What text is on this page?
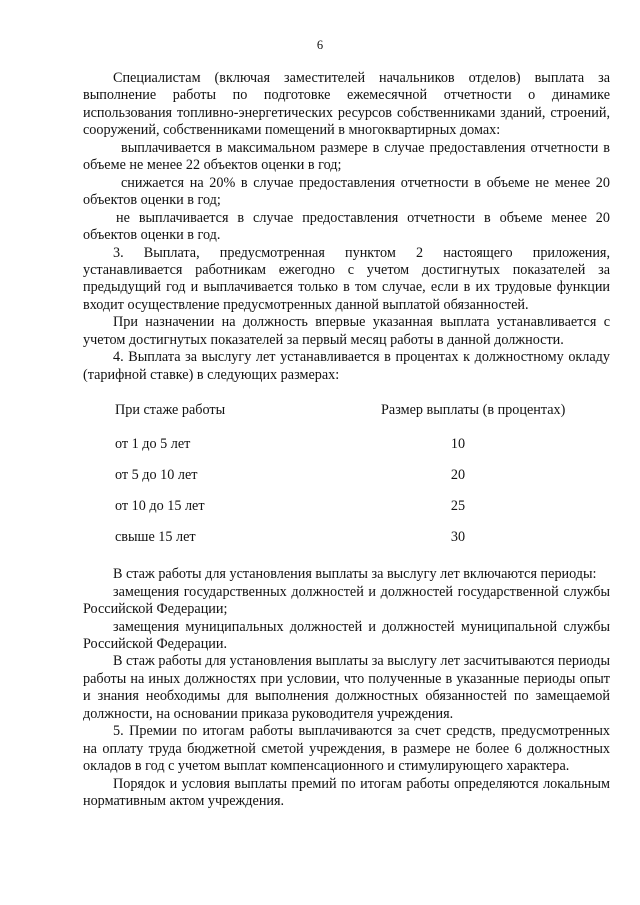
6

Специалистам (включая заместителей начальников отделов) выплата за выполнение работы по подготовке ежемесячной отчетности о динамике использования топливно-энергетических ресурсов собственниками зданий, строений, сооружений, собственниками помещений в многоквартирных домах:

выплачивается в максимальном размере в случае предоставления отчетности в объеме не менее 22 объектов оценки в год;

снижается на 20% в случае предоставления отчетности в объеме не менее 20 объектов оценки в год;

не выплачивается в случае предоставления отчетности в объеме менее 20 объектов оценки в год.

3. Выплата, предусмотренная пунктом 2 настоящего приложения, устанавливается работникам ежегодно с учетом достигнутых показателей за предыдущий год и выплачивается только в том случае, если в их трудовые функции входит осуществление предусмотренных данной выплатой обязанностей.

При назначении на должность впервые указанная выплата устанавливается с учетом достигнутых показателей за первый месяц работы в данной должности.

4. Выплата за выслугу лет устанавливается в процентах к должностному окладу (тарифной ставке) в следующих размерах:

При стаже работы	Размер выплаты (в процентах)
от 1 до 5 лет	10
от 5 до 10 лет	20
от 10 до 15 лет	25
свыше 15 лет	30

В стаж работы для установления выплаты за выслугу лет включаются периоды:

замещения государственных должностей и должностей государственной службы Российской Федерации;

замещения муниципальных должностей и должностей муниципальной службы Российской Федерации.

В стаж работы для установления выплаты за выслугу лет засчитываются периоды работы на иных должностях при условии, что полученные в указанные периоды опыт и знания необходимы для выполнения должностных обязанностей по замещаемой должности, на основании приказа руководителя учреждения.

5. Премии по итогам работы выплачиваются за счет средств, предусмотренных на оплату труда бюджетной сметой учреждения, в размере не более 6 должностных окладов в год с учетом выплат компенсационного и стимулирующего характера.

Порядок и условия выплаты премий по итогам работы определяются локальным нормативным актом учреждения.
